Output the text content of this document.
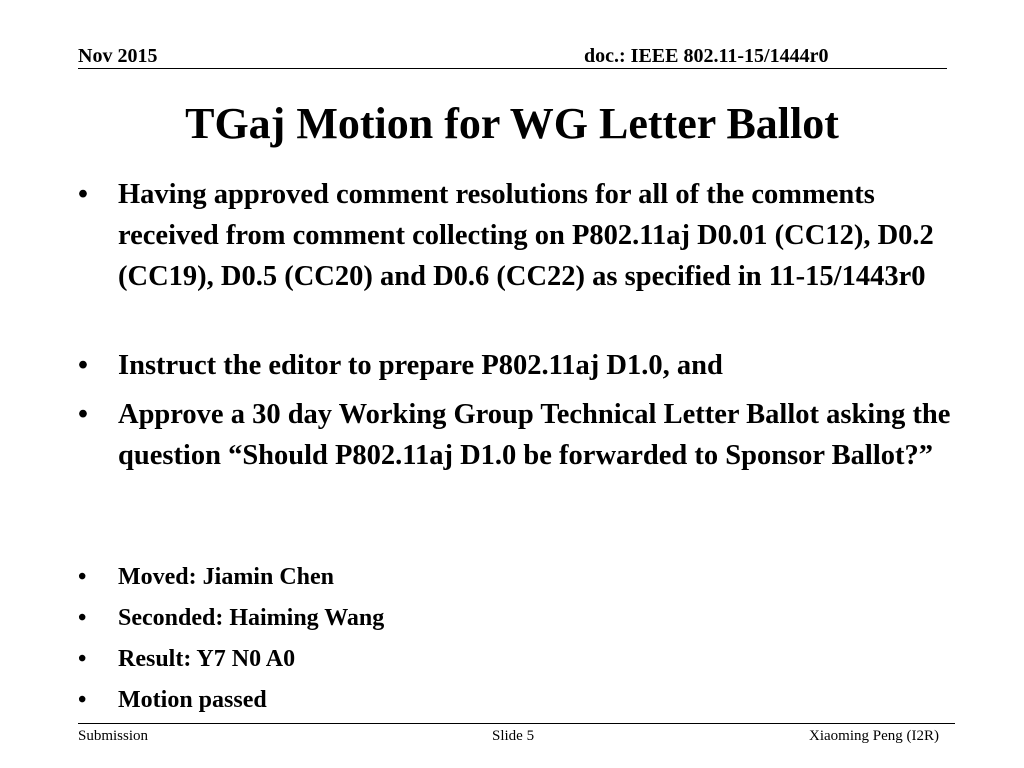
Nov 2015	doc.: IEEE 802.11-15/1444r0
TGaj Motion for WG Letter Ballot
•	Having approved comment resolutions for all of the comments received from comment collecting on P802.11aj D0.01 (CC12), D0.2 (CC19), D0.5 (CC20) and D0.6 (CC22) as specified in 11-15/1443r0
•	Instruct the editor to prepare P802.11aj D1.0, and
•	Approve a 30 day Working Group Technical Letter Ballot asking the question “Should P802.11aj D1.0 be forwarded to Sponsor Ballot?”
•	Moved: Jiamin Chen
•	Seconded: Haiming Wang
•	Result: Y7 N0 A0
•	Motion passed
Submission	Slide 5	Xiaoming Peng (I2R)
